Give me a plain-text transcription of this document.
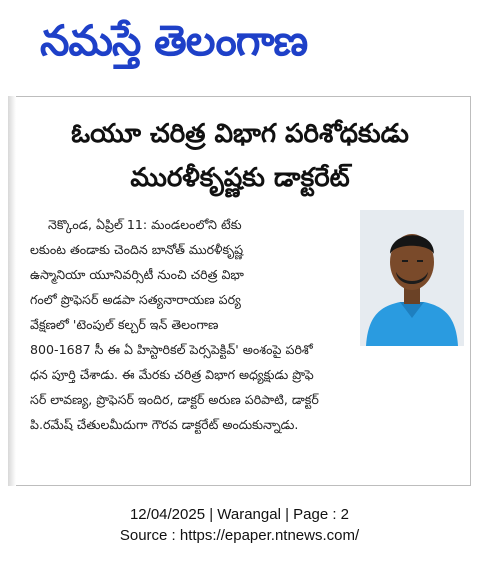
నమస్తే తెలంగాణ
ఓయూ చరిత్ర విభాగ పరిశోధకుడు
మురళీకృష్ణకు డాక్టరేట్
నెక్కొండ, ఏప్రిల్ 11: మండలంలోని టేకు
లకుంట తండాకు చెందిన బానోత్ మురళీకృష్ణ
ఉస్మానియా యూనివర్సిటీ నుంచి చరిత్ర విభా
గంలో ప్రొఫెసర్ అడపా సత్యనారాయణ పర్య
వేక్షణలో 'టెంపుల్ కల్చర్ ఇన్ తెలంగాణ
800-1687 సీ ఈ ఏ హిస్టారికల్ పెర్సపెక్టివ్' అంశంపై పరిశో
ధన పూర్తి చేశాడు. ఈ మేరకు చరిత్ర విభాగ అధ్యక్షుడు ప్రొఫె
సర్ లావణ్య, ప్రొఫెసర్ ఇందిర, డాక్టర్ అరుణ పరిపాటి, డాక్టర్
పి.రమేష్ చేతులమీదుగా గౌరవ డాక్టరేట్ అందుకున్నాడు.
12/04/2025 | Warangal | Page : 2
Source : https://epaper.ntnews.com/
